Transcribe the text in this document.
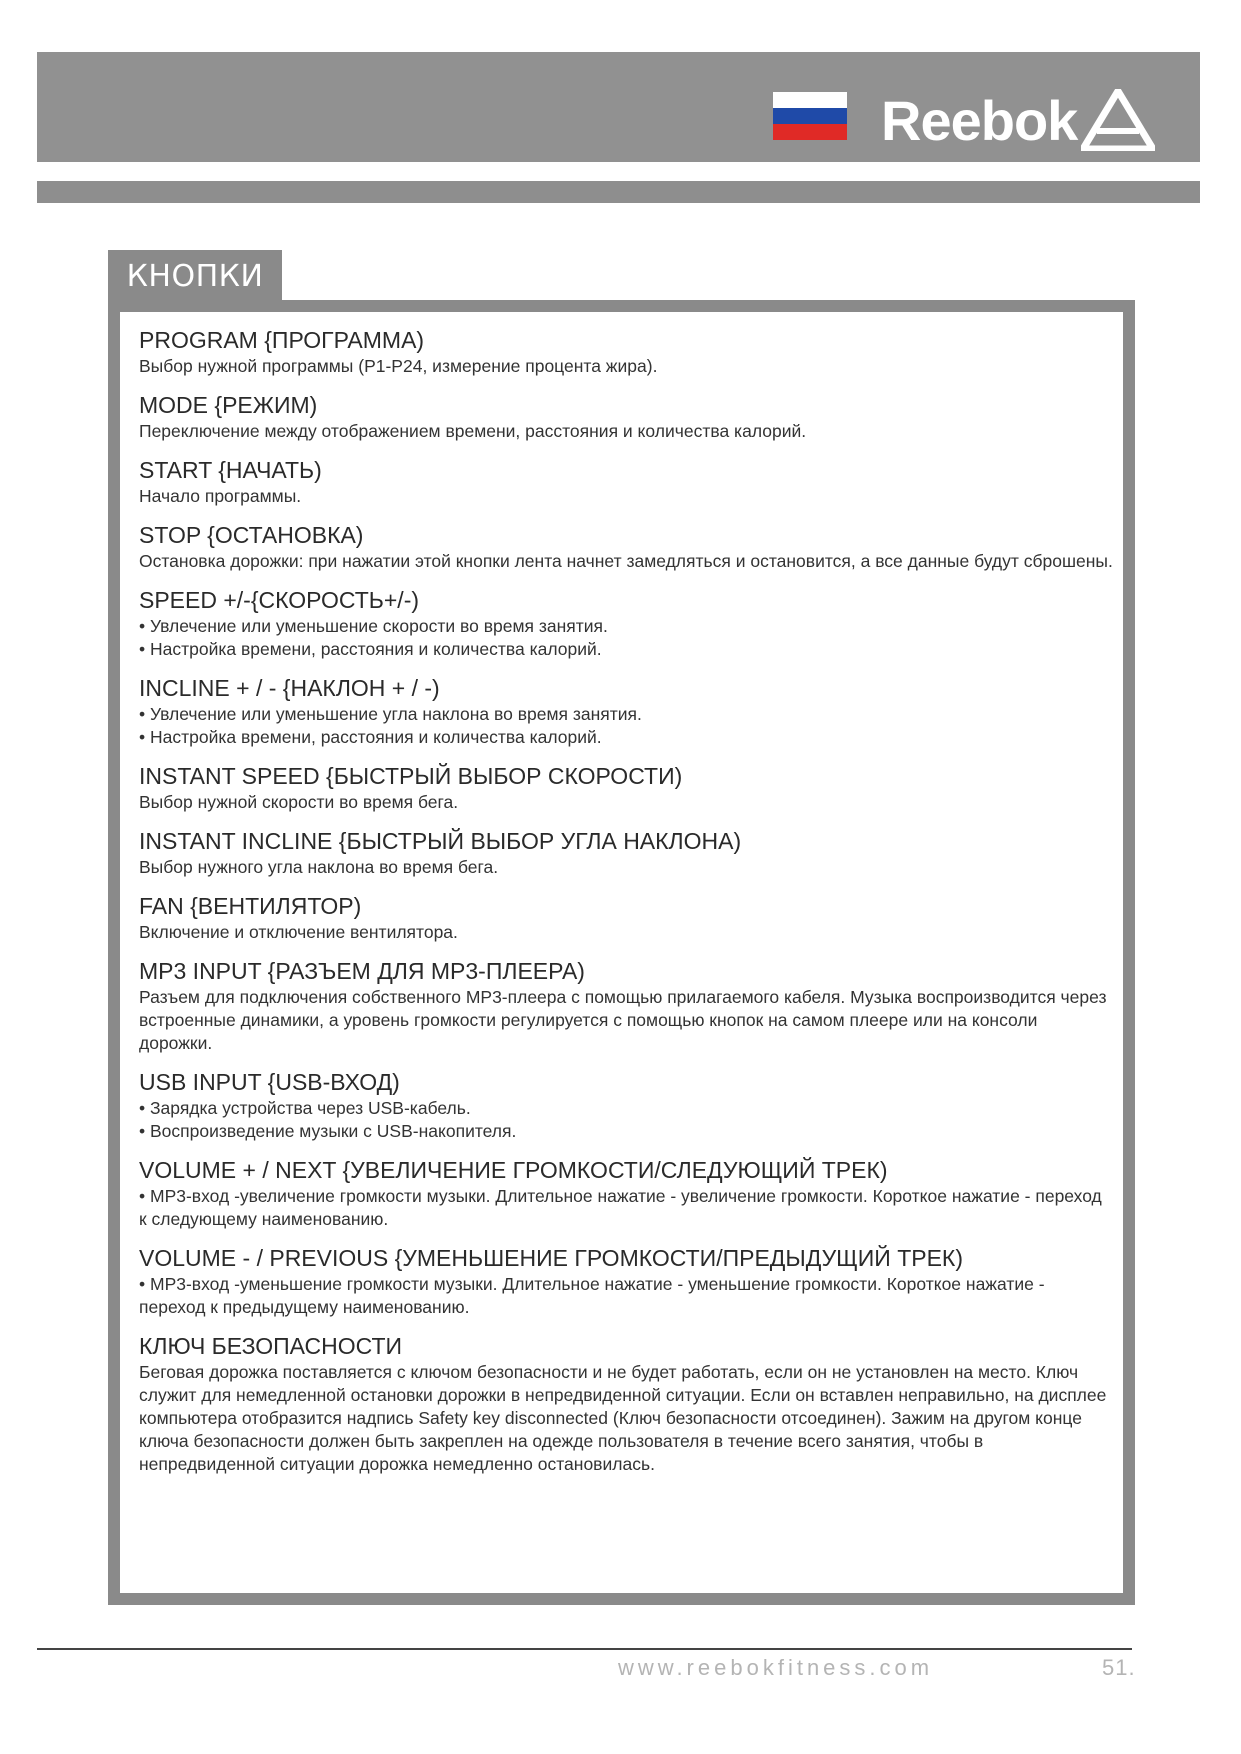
Reebok
КНОПКИ
PROGRAM {ПРОГРАММА)
Выбор нужной программы (P1-P24, измерение процента жира).
MODE {РЕЖИМ)
Переключение между отображением времени, расстояния и количества калорий.
START {НАЧАТЬ)
Начало программы.
STOP {ОСТАНОВКА)
Остановка дорожки: при нажатии этой кнопки лента начнет замедляться и остановится, а все данные будут сброшены.
SPEED +/-{СКОРОСТЬ+/-)
• Увлечение или уменьшение скорости во время занятия.
• Настройка времени, расстояния и количества калорий.
INCLINE + / - {НАКЛОН + / -)
• Увлечение или уменьшение угла наклона во время занятия.
• Настройка времени, расстояния и количества калорий.
INSTANT SPEED {БЫСТРЫЙ ВЫБОР СКОРОСТИ)
Выбор нужной скорости во время бега.
INSTANT INCLINE {БЫСТРЫЙ ВЫБОР УГЛА НАКЛОНА)
Выбор нужного угла наклона во время бега.
FAN {ВЕНТИЛЯТОР)
Включение и отключение вентилятора.
MP3 INPUT {РАЗЪЕМ ДЛЯ MP3-ПЛЕЕРА)
Разъем для подключения собственного MP3-плеера с помощью прилагаемого кабеля. Музыка воспроизводится через встроенные динамики, а уровень громкости регулируется с помощью кнопок на самом плеере или на консоли дорожки.
USB INPUT {USB-ВХОД)
• Зарядка устройства через USB-кабель.
• Воспроизведение музыки с USB-накопителя.
VOLUME + / NEXT {УВЕЛИЧЕНИЕ ГРОМКОСТИ/СЛЕДУЮЩИЙ ТРЕК)
• MP3-вход -увеличение громкости музыки. Длительное нажатие - увеличение громкости. Короткое нажатие - переход к следующему наименованию.
VOLUME - / PREVIOUS {УМЕНЬШЕНИЕ ГРОМКОСТИ/ПРЕДЫДУЩИЙ ТРЕК)
• MP3-вход -уменьшение громкости музыки. Длительное нажатие - уменьшение громкости. Короткое нажатие - переход к предыдущему наименованию.
КЛЮЧ БЕЗОПАСНОСТИ
Беговая дорожка поставляется с ключом безопасности и не будет работать, если он не установлен на место. Ключ служит для немедленной остановки дорожки в непредвиденной ситуации. Если он вставлен неправильно, на дисплее компьютера отобразится надпись Safety key disconnected (Ключ безопасности отсоединен). Зажим на другом конце ключа безопасности должен быть закреплен на одежде пользователя в течение всего занятия, чтобы в непредвиденной ситуации дорожка немедленно остановилась.
www.reebokfitness.com	51.
